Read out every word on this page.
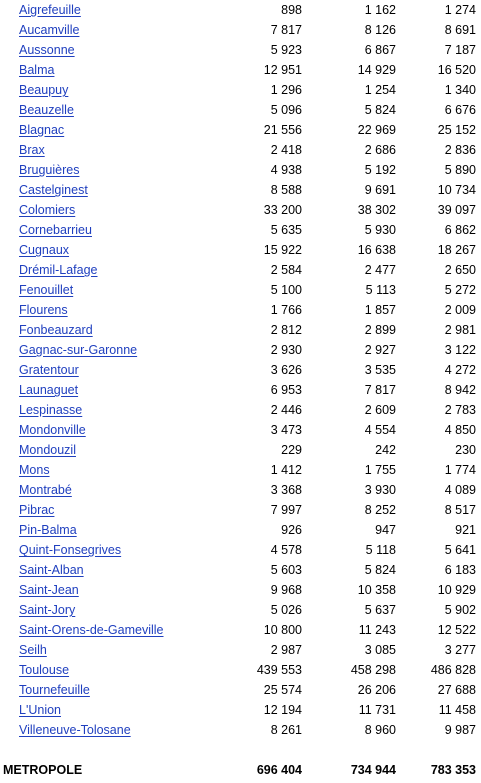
Aigrefeuille	898	1 162	1 274
Aucamville	7 817	8 126	8 691
Aussonne	5 923	6 867	7 187
Balma	12 951	14 929	16 520
Beaupuy	1 296	1 254	1 340
Beauzelle	5 096	5 824	6 676
Blagnac	21 556	22 969	25 152
Brax	2 418	2 686	2 836
Bruguières	4 938	5 192	5 890
Castelginest	8 588	9 691	10 734
Colomiers	33 200	38 302	39 097
Cornebarrieu	5 635	5 930	6 862
Cugnaux	15 922	16 638	18 267
Drémil-Lafage	2 584	2 477	2 650
Fenouillet	5 100	5 113	5 272
Flourens	1 766	1 857	2 009
Fonbeauzard	2 812	2 899	2 981
Gagnac-sur-Garonne	2 930	2 927	3 122
Gratentour	3 626	3 535	4 272
Launaguet	6 953	7 817	8 942
Lespinasse	2 446	2 609	2 783
Mondonville	3 473	4 554	4 850
Mondouzil	229	242	230
Mons	1 412	1 755	1 774
Montrabé	3 368	3 930	4 089
Pibrac	7 997	8 252	8 517
Pin-Balma	926	947	921
Quint-Fonsegrives	4 578	5 118	5 641
Saint-Alban	5 603	5 824	6 183
Saint-Jean	9 968	10 358	10 929
Saint-Jory	5 026	5 637	5 902
Saint-Orens-de-Gameville	10 800	11 243	12 522
Seilh	2 987	3 085	3 277
Toulouse	439 553	458 298	486 828
Tournefeuille	25 574	26 206	27 688
L'Union	12 194	11 731	11 458
Villeneuve-Tolosane	8 261	8 960	9 987
METROPOLE	696 404	734 944	783 353
